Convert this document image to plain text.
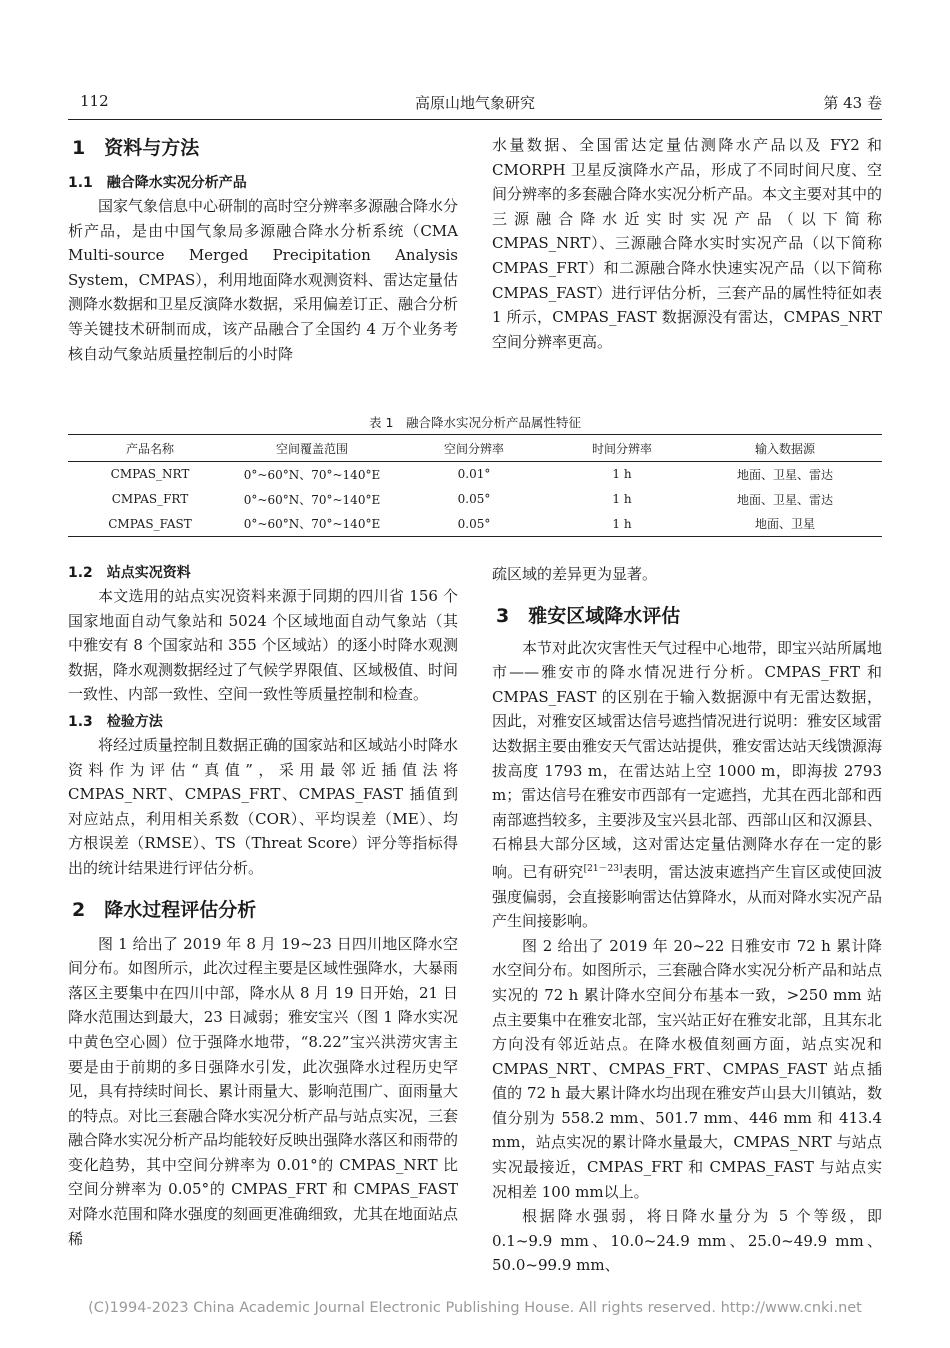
112	高原山地气象研究	第 43 卷
1　资料与方法
1.1　融合降水实况分析产品

国家气象信息中心研制的高时空分辨率多源融合降水分析产品，是由中国气象局多源融合降水分析系统（CMA Multi-source Merged Precipitation Analysis System，CMPAS），利用地面降水观测资料、雷达定量估测降水数据和卫星反演降水数据，采用偏差订正、融合分析等关键技术研制而成，该产品融合了全国约 4 万个业务考核自动气象站质量控制后的小时降

水量数据、全国雷达定量估测降水产品以及 FY2 和 CMORPH 卫星反演降水产品，形成了不同时间尺度、空间分辨率的多套融合降水实况分析产品。本文主要对其中的三源融合降水近实时实况产品（以下简称 CMPAS_NRT）、三源融合降水实时实况产品（以下简称 CMPAS_FRT）和二源融合降水快速实况产品（以下简称 CMPAS_FAST）进行评估分析，三套产品的属性特征如表 1 所示，CMPAS_FAST 数据源没有雷达，CMPAS_NRT 空间分辨率更高。

表 1　融合降水实况分析产品属性特征
产品名称	空间覆盖范围	空间分辨率	时间分辨率	输入数据源
CMPAS_NRT	0°~60°N、70°~140°E	0.01°	1 h	地面、卫星、雷达
CMPAS_FRT	0°~60°N、70°~140°E	0.05°	1 h	地面、卫星、雷达
CMPAS_FAST	0°~60°N、70°~140°E	0.05°	1 h	地面、卫星
1.2　站点实况资料

本文选用的站点实况资料来源于同期的四川省 156 个国家地面自动气象站和 5024 个区域地面自动气象站（其中雅安有 8 个国家站和 355 个区域站）的逐小时降水观测数据，降水观测数据经过了气候学界限值、区域极值、时间一致性、内部一致性、空间一致性等质量控制和检查。

1.3　检验方法

将经过质量控制且数据正确的国家站和区域站小时降水资料作为评估“真值”，采用最邻近插值法将 CMPAS_NRT、CMPAS_FRT、CMPAS_FAST 插值到对应站点，利用相关系数（COR）、平均误差（ME）、均方根误差（RMSE）、TS（Threat Score）评分等指标得出的统计结果进行评估分析。

2　降水过程评估分析

图 1 给出了 2019 年 8 月 19~23 日四川地区降水空间分布。如图所示，此次过程主要是区域性强降水，大暴雨落区主要集中在四川中部，降水从 8 月 19 日开始，21 日降水范围达到最大，23 日减弱；雅安宝兴（图 1 降水实况中黄色空心圆）位于强降水地带，“8.22”宝兴洪涝灾害主要是由于前期的多日强降水引发，此次强降水过程历史罕见，具有持续时间长、累计雨量大、影响范围广、面雨量大的特点。对比三套融合降水实况分析产品与站点实况，三套融合降水实况分析产品均能较好反映出强降水落区和雨带的变化趋势，其中空间分辨率为 0.01°的 CMPAS_NRT 比空间分辨率为 0.05°的 CMPAS_FRT 和 CMPAS_FAST 对降水范围和降水强度的刻画更准确细致，尤其在地面站点稀

疏区域的差异更为显著。

3　雅安区域降水评估

本节对此次灾害性天气过程中心地带，即宝兴站所属地市——雅安市的降水情况进行分析。CMPAS_FRT 和 CMPAS_FAST 的区别在于输入数据源中有无雷达数据，因此，对雅安区域雷达信号遮挡情况进行说明：雅安区域雷达数据主要由雅安天气雷达站提供，雅安雷达站天线馈源海拔高度 1793 m，在雷达站上空 1000 m，即海拔 2793 m；雷达信号在雅安市西部有一定遮挡，尤其在西北部和西南部遮挡较多，主要涉及宝兴县北部、西部山区和汉源县、石棉县大部分区域，这对雷达定量估测降水存在一定的影响。已有研究[21－23]表明，雷达波束遮挡产生盲区或使回波强度偏弱，会直接影响雷达估算降水，从而对降水实况产品产生间接影响。

图 2 给出了 2019 年 20~22 日雅安市 72 h 累计降水空间分布。如图所示，三套融合降水实况分析产品和站点实况的 72 h 累计降水空间分布基本一致，>250 mm 站点主要集中在雅安北部，宝兴站正好在雅安北部，且其东北方向没有邻近站点。在降水极值刻画方面，站点实况和 CMPAS_NRT、CMPAS_FRT、CMPAS_FAST 站点插值的 72 h 最大累计降水均出现在雅安芦山县大川镇站，数值分别为 558.2 mm、501.7 mm、446 mm 和 413.4 mm，站点实况的累计降水量最大，CMPAS_NRT 与站点实况最接近，CMPAS_FRT 和 CMPAS_FAST 与站点实况相差 100 mm以上。

根据降水强弱，将日降水量分为 5 个等级，即 0.1~9.9 mm、10.0~24.9 mm、25.0~49.9 mm、50.0~99.9 mm、

(C)1994-2023 China Academic Journal Electronic Publishing House. All rights reserved. http://www.cnki.net
